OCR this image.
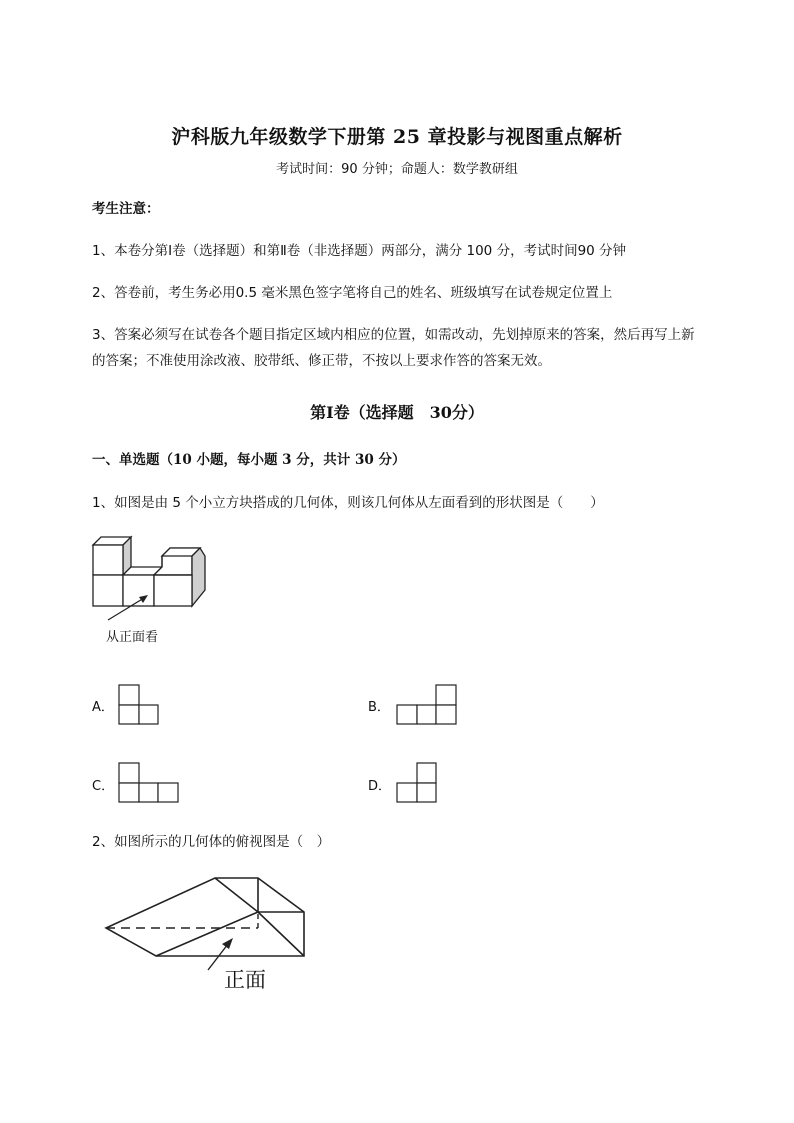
沪科版九年级数学下册第 25 章投影与视图重点解析
考试时间：90 分钟；命题人：数学教研组
考生注意：
1、本卷分第Ⅰ卷（选择题）和第Ⅱ卷（非选择题）两部分，满分 100 分，考试时间90 分钟
2、答卷前，考生务必用0.5 毫米黑色签字笔将自己的姓名、班级填写在试卷规定位置上
3、答案必须写在试卷各个题目指定区域内相应的位置，如需改动，先划掉原来的答案，然后再写上新
的答案；不准使用涂改液、胶带纸、修正带，不按以上要求作答的答案无效。
第Ⅰ卷（选择题　30分）
一、单选题（10 小题，每小题 3 分，共计 30 分）
1、如图是由 5 个小立方块搭成的几何体，则该几何体从左面看到的形状图是（　　）
从正面看
A．	B．
C．	D．
2、如图所示的几何体的俯视图是（　）
正面
